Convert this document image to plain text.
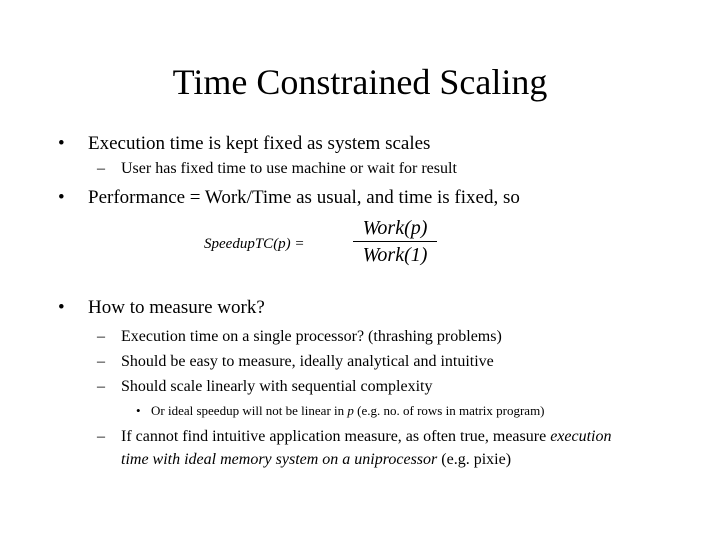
Time Constrained Scaling
• Execution time is kept fixed as system scales
– User has fixed time to use machine or wait for result
• Performance = Work/Time as usual, and time is fixed, so
SpeedupTC(p) =
Work(p)
Work(1)
• How to measure work?
– Execution time on a single processor? (thrashing problems)
– Should be easy to measure, ideally analytical and intuitive
– Should scale linearly with sequential complexity
• Or ideal speedup will not be linear in p (e.g. no. of rows in matrix program)
– If cannot find intuitive application measure, as often true, measure execution
time with ideal memory system on a uniprocessor (e.g. pixie)
